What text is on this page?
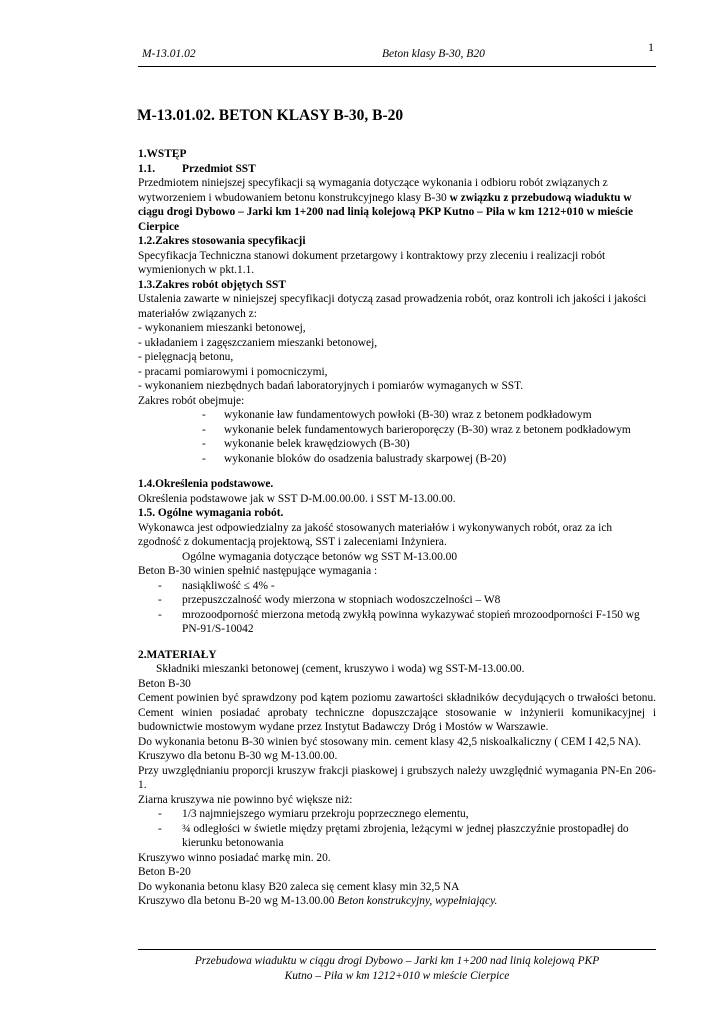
M-13.01.02	Beton klasy B-30, B20	1
M-13.01.02. BETON KLASY B-30, B-20

1.WSTĘP

1.1. Przedmiot SST

Przedmiotem niniejszej specyfikacji są wymagania dotyczące wykonania i odbioru robót związanych z wytworzeniem i wbudowaniem betonu konstrukcyjnego klasy B-30 w związku z przebudową wiaduktu w ciągu drogi Dybowo – Jarki km 1+200 nad linią kolejową PKP Kutno – Piła w km 1212+010 w mieście Cierpice

1.2.Zakres stosowania specyfikacji

Specyfikacja Techniczna stanowi dokument przetargowy i kontraktowy przy zleceniu i realizacji robót wymienionych w pkt.1.1.

1.3.Zakres robót objętych SST

Ustalenia zawarte w niniejszej specyfikacji dotyczą zasad prowadzenia robót, oraz kontroli ich jakości i jakości materiałów związanych z:

- wykonaniem mieszanki betonowej,

- układaniem i zagęszczaniem mieszanki betonowej,

- pielęgnacją betonu,

- pracami pomiarowymi i pomocniczymi,

- wykonaniem niezbędnych badań laboratoryjnych i pomiarów wymaganych w SST.

Zakres robót obejmuje:

-	wykonanie ław fundamentowych powłoki (B-30) wraz z betonem podkładowym
-	wykonanie belek fundamentowych barieroporęczy (B-30) wraz z betonem podkładowym
-	wykonanie belek krawędziowych (B-30)
-	wykonanie bloków do osadzenia balustrady skarpowej (B-20)

1.4.Określenia podstawowe.

Określenia podstawowe jak w SST D-M.00.00.00. i SST M-13.00.00.

1.5. Ogólne wymagania robót.

Wykonawca jest odpowiedzialny za jakość stosowanych materiałów i wykonywanych robót, oraz za ich zgodność z dokumentacją projektową, SST i zaleceniami Inżyniera.

Ogólne wymagania dotyczące betonów wg SST M-13.00.00

Beton B-30 winien spełnić następujące wymagania :

-	nasiąkliwość ≤ 4% -
-	przepuszczalność wody mierzona w stopniach wodoszczelności – W8
-	mrozoodporność mierzona metodą zwykłą powinna wykazywać stopień mrozoodporności F-150 wg PN-91/S-10042

2.MATERIAŁY

Składniki mieszanki betonowej (cement, kruszywo i woda) wg SST-M-13.00.00.

Beton B-30

Cement powinien być sprawdzony pod kątem poziomu zawartości składników decydujących o trwałości betonu. Cement winien posiadać aprobaty techniczne dopuszczające stosowanie w inżynierii komunikacyjnej i budownictwie mostowym wydane przez Instytut Badawczy Dróg i Mostów w Warszawie.

Do wykonania betonu B-30 winien być stosowany min. cement klasy 42,5 niskoalkaliczny ( CEM I 42,5 NA).

Kruszywo dla betonu B-30 wg M-13.00.00.

Przy uwzględnianiu proporcji kruszyw frakcji piaskowej i grubszych należy uwzględnić wymagania PN-En 206-1.

Ziarna kruszywa nie powinno być większe niż:

-	1/3 najmniejszego wymiaru przekroju poprzecznego elementu,
-	¾ odległości w świetle między prętami zbrojenia, leżącymi w jednej płaszczyźnie prostopadłej do kierunku betonowania

Kruszywo winno posiadać markę min. 20.

Beton B-20

Do wykonania betonu klasy B20 zaleca się cement klasy min 32,5 NA

Kruszywo dla betonu B-20 wg M-13.00.00 Beton konstrukcyjny, wypełniający.

Przebudowa wiaduktu w ciągu drogi Dybowo – Jarki km 1+200 nad linią kolejową PKP
Kutno – Piła w km 1212+010 w mieście Cierpice
